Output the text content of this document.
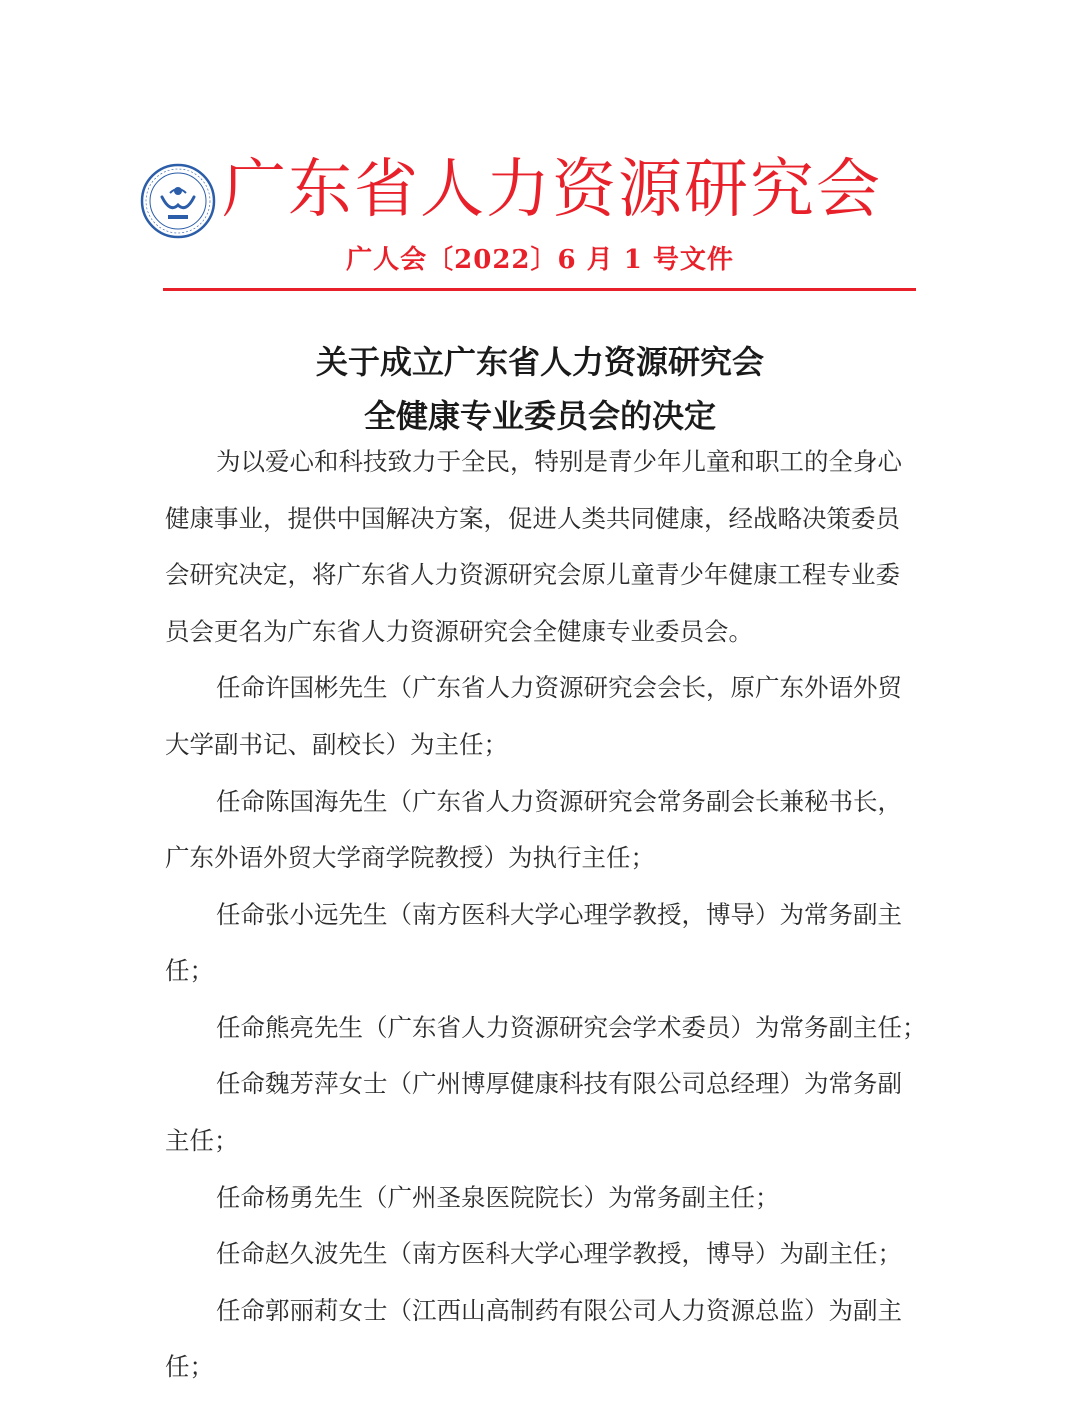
广东省人力资源研究会
广人会〔2022〕6 月 1 号文件
关于成立广东省人力资源研究会
全健康专业委员会的决定
为以爱心和科技致力于全民，特别是青少年儿童和职工的全身心
健康事业，提供中国解决方案，促进人类共同健康，经战略决策委员
会研究决定，将广东省人力资源研究会原儿童青少年健康工程专业委
员会更名为广东省人力资源研究会全健康专业委员会。
任命许国彬先生（广东省人力资源研究会会长，原广东外语外贸
大学副书记、副校长）为主任；
任命陈国海先生（广东省人力资源研究会常务副会长兼秘书长，
广东外语外贸大学商学院教授）为执行主任；
任命张小远先生（南方医科大学心理学教授，博导）为常务副主
任；
任命熊亮先生（广东省人力资源研究会学术委员）为常务副主任；
任命魏芳萍女士（广州博厚健康科技有限公司总经理）为常务副
主任；
任命杨勇先生（广州圣泉医院院长）为常务副主任；
任命赵久波先生（南方医科大学心理学教授，博导）为副主任；
任命郭丽莉女士（江西山高制药有限公司人力资源总监）为副主
任；
